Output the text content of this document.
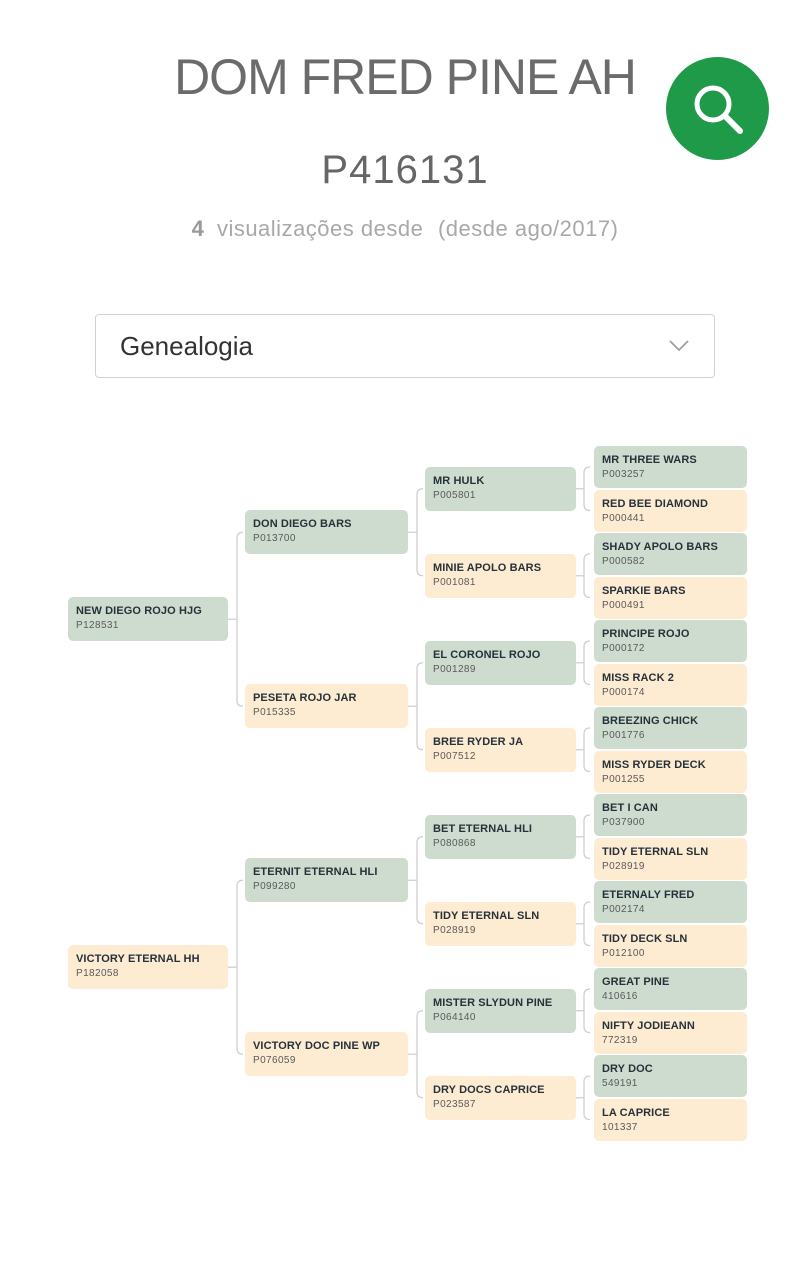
DOM FRED PINE AH
P416131
4 visualizações desde (desde ago/2017)
Genealogia
MR THREE WARS
P003257
RED BEE DIAMOND
P000441
MR HULK
P005801
SHADY APOLO BARS
P000582
SPARKIE BARS
P000491
MINIE APOLO BARS
P001081
DON DIEGO BARS
P013700
PRINCIPE ROJO
P000172
MISS RACK 2
P000174
EL CORONEL ROJO
P001289
BREEZING CHICK
P001776
MISS RYDER DECK
P001255
BREE RYDER JA
P007512
PESETA ROJO JAR
P015335
NEW DIEGO ROJO HJG
P128531
BET I CAN
P037900
TIDY ETERNAL SLN
P028919
BET ETERNAL HLI
P080868
ETERNALY FRED
P002174
TIDY DECK SLN
P012100
TIDY ETERNAL SLN
P028919
ETERNIT ETERNAL HLI
P099280
GREAT PINE
410616
NIFTY JODIEANN
772319
MISTER SLYDUN PINE
P064140
DRY DOC
549191
LA CAPRICE
101337
DRY DOCS CAPRICE
P023587
VICTORY DOC PINE WP
P076059
VICTORY ETERNAL HH
P182058
